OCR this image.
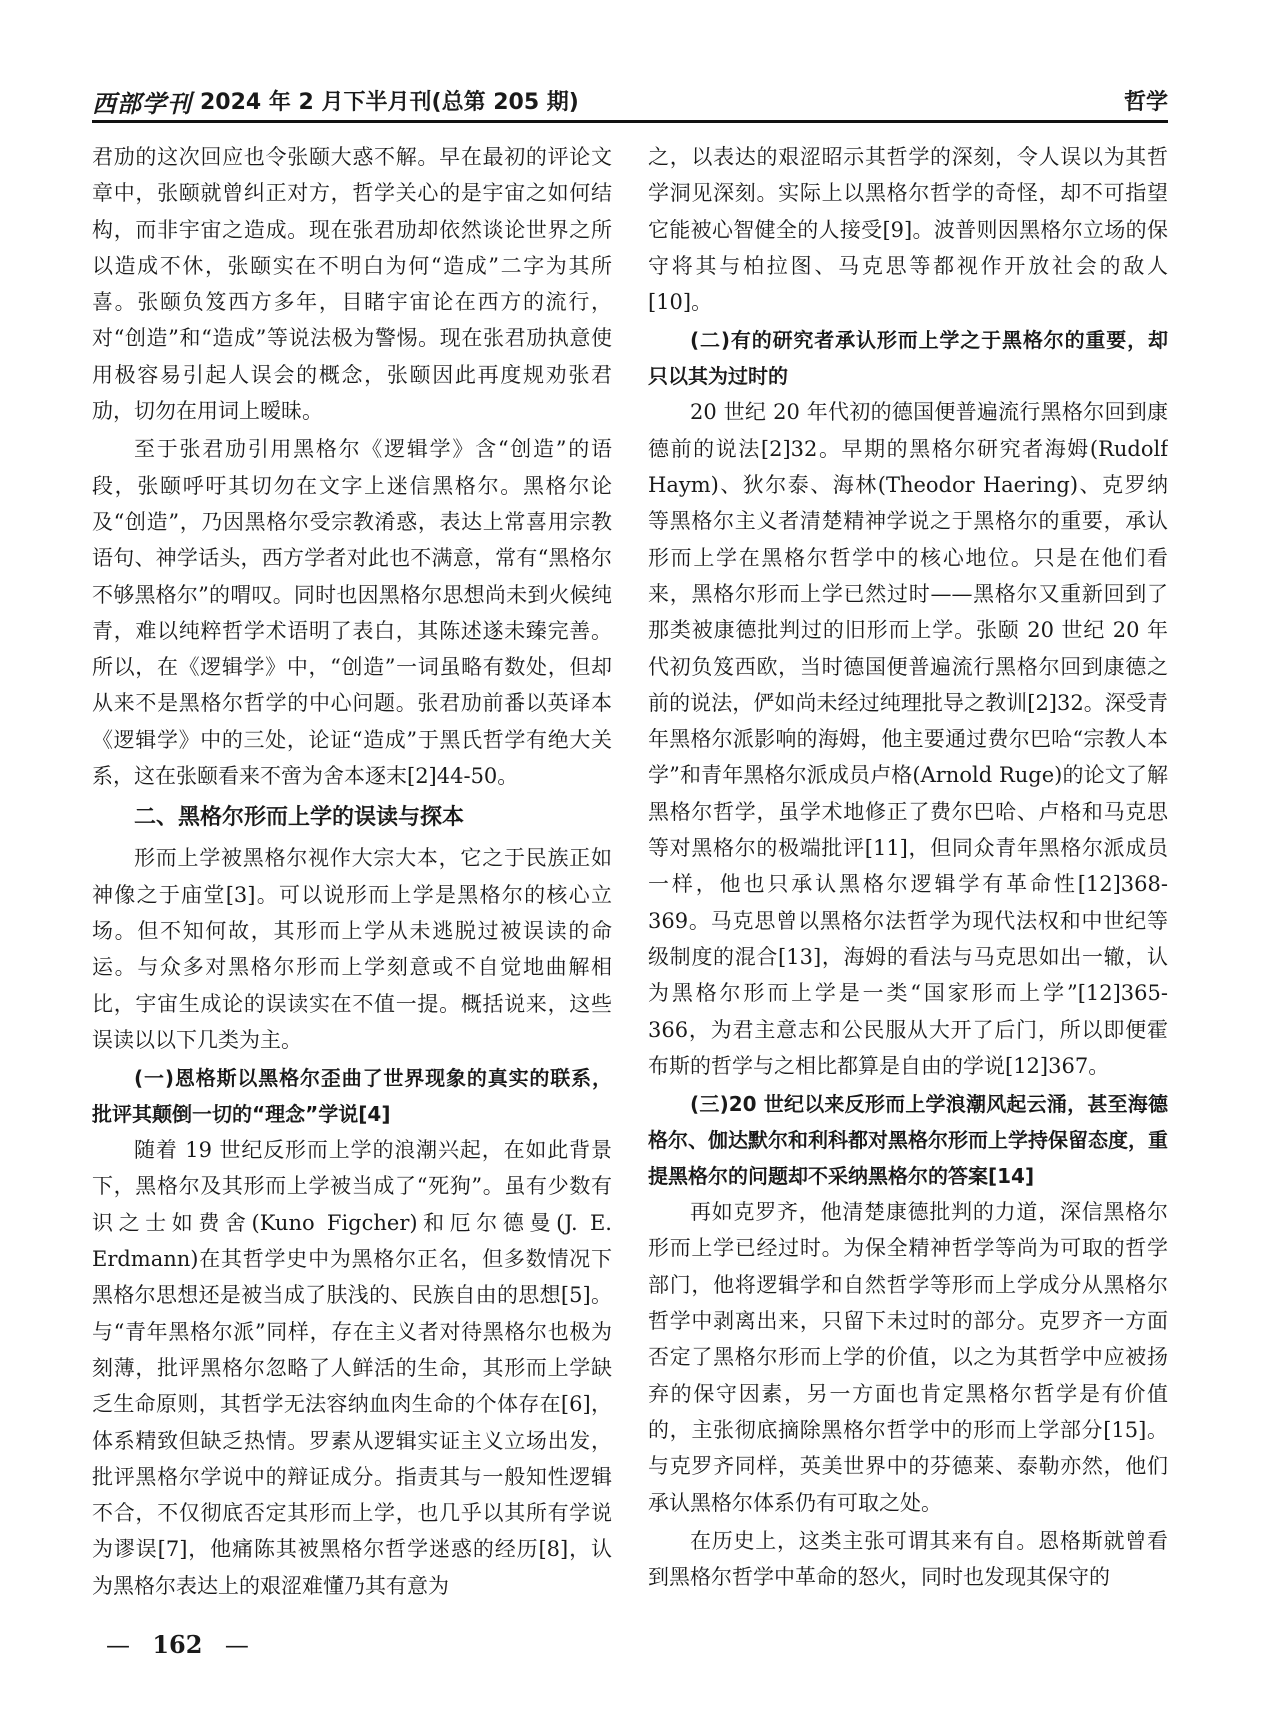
西部学刊 2024 年 2 月下半月刊(总第 205 期)	哲学

君劢的这次回应也令张颐大惑不解。早在最初的评论文章中，张颐就曾纠正对方，哲学关心的是宇宙之如何结构，而非宇宙之造成。现在张君劢却依然谈论世界之所以造成不休，张颐实在不明白为何“造成”二字为其所喜。张颐负笈西方多年，目睹宇宙论在西方的流行，对“创造”和“造成”等说法极为警惕。现在张君劢执意使用极容易引起人误会的概念，张颐因此再度规劝张君劢，切勿在用词上暧昧。

至于张君劢引用黑格尔《逻辑学》含“创造”的语段，张颐呼吁其切勿在文字上迷信黑格尔。黑格尔论及“创造”，乃因黑格尔受宗教淆惑，表达上常喜用宗教语句、神学话头，西方学者对此也不满意，常有“黑格尔不够黑格尔”的喟叹。同时也因黑格尔思想尚未到火候纯青，难以纯粹哲学术语明了表白，其陈述遂未臻完善。所以，在《逻辑学》中，“创造”一词虽略有数处，但却从来不是黑格尔哲学的中心问题。张君劢前番以英译本《逻辑学》中的三处，论证“造成”于黑氏哲学有绝大关系，这在张颐看来不啻为舍本逐末[2]44-50。

二、黑格尔形而上学的误读与探本

形而上学被黑格尔视作大宗大本，它之于民族正如神像之于庙堂[3]。可以说形而上学是黑格尔的核心立场。但不知何故，其形而上学从未逃脱过被误读的命运。与众多对黑格尔形而上学刻意或不自觉地曲解相比，宇宙生成论的误读实在不值一提。概括说来，这些误读以以下几类为主。

(一)恩格斯以黑格尔歪曲了世界现象的真实的联系，批评其颠倒一切的“理念”学说[4]

随着 19 世纪反形而上学的浪潮兴起，在如此背景下，黑格尔及其形而上学被当成了“死狗”。虽有少数有识之士如费舍(Kuno Figcher)和厄尔德曼(J. E. Erdmann)在其哲学史中为黑格尔正名，但多数情况下黑格尔思想还是被当成了肤浅的、民族自由的思想[5]。与“青年黑格尔派”同样，存在主义者对待黑格尔也极为刻薄，批评黑格尔忽略了人鲜活的生命，其形而上学缺乏生命原则，其哲学无法容纳血肉生命的个体存在[6]，体系精致但缺乏热情。罗素从逻辑实证主义立场出发，批评黑格尔学说中的辩证成分。指责其与一般知性逻辑不合，不仅彻底否定其形而上学，也几乎以其所有学说为谬误[7]，他痛陈其被黑格尔哲学迷惑的经历[8]，认为黑格尔表达上的艰涩难懂乃其有意为

之，以表达的艰涩昭示其哲学的深刻，令人误以为其哲学洞见深刻。实际上以黑格尔哲学的奇怪，却不可指望它能被心智健全的人接受[9]。波普则因黑格尔立场的保守将其与柏拉图、马克思等都视作开放社会的敌人[10]。

(二)有的研究者承认形而上学之于黑格尔的重要，却只以其为过时的

20 世纪 20 年代初的德国便普遍流行黑格尔回到康德前的说法[2]32。早期的黑格尔研究者海姆(Rudolf Haym)、狄尔泰、海林(Theodor Haering)、克罗纳等黑格尔主义者清楚精神学说之于黑格尔的重要，承认形而上学在黑格尔哲学中的核心地位。只是在他们看来，黑格尔形而上学已然过时——黑格尔又重新回到了那类被康德批判过的旧形而上学。张颐 20 世纪 20 年代初负笈西欧，当时德国便普遍流行黑格尔回到康德之前的说法，俨如尚未经过纯理批导之教训[2]32。深受青年黑格尔派影响的海姆，他主要通过费尔巴哈“宗教人本学”和青年黑格尔派成员卢格(Arnold Ruge)的论文了解黑格尔哲学，虽学术地修正了费尔巴哈、卢格和马克思等对黑格尔的极端批评[11]，但同众青年黑格尔派成员一样，他也只承认黑格尔逻辑学有革命性[12]368-369。马克思曾以黑格尔法哲学为现代法权和中世纪等级制度的混合[13]，海姆的看法与马克思如出一辙，认为黑格尔形而上学是一类“国家形而上学”[12]365-366，为君主意志和公民服从大开了后门，所以即便霍布斯的哲学与之相比都算是自由的学说[12]367。

(三)20 世纪以来反形而上学浪潮风起云涌，甚至海德格尔、伽达默尔和利科都对黑格尔形而上学持保留态度，重提黑格尔的问题却不采纳黑格尔的答案[14]

再如克罗齐，他清楚康德批判的力道，深信黑格尔形而上学已经过时。为保全精神哲学等尚为可取的哲学部门，他将逻辑学和自然哲学等形而上学成分从黑格尔哲学中剥离出来，只留下未过时的部分。克罗齐一方面否定了黑格尔形而上学的价值，以之为其哲学中应被扬弃的保守因素，另一方面也肯定黑格尔哲学是有价值的，主张彻底摘除黑格尔哲学中的形而上学部分[15]。与克罗齐同样，英美世界中的芬德莱、泰勒亦然，他们承认黑格尔体系仍有可取之处。

在历史上，这类主张可谓其来有自。恩格斯就曾看到黑格尔哲学中革命的怒火，同时也发现其保守的

— 162 —
